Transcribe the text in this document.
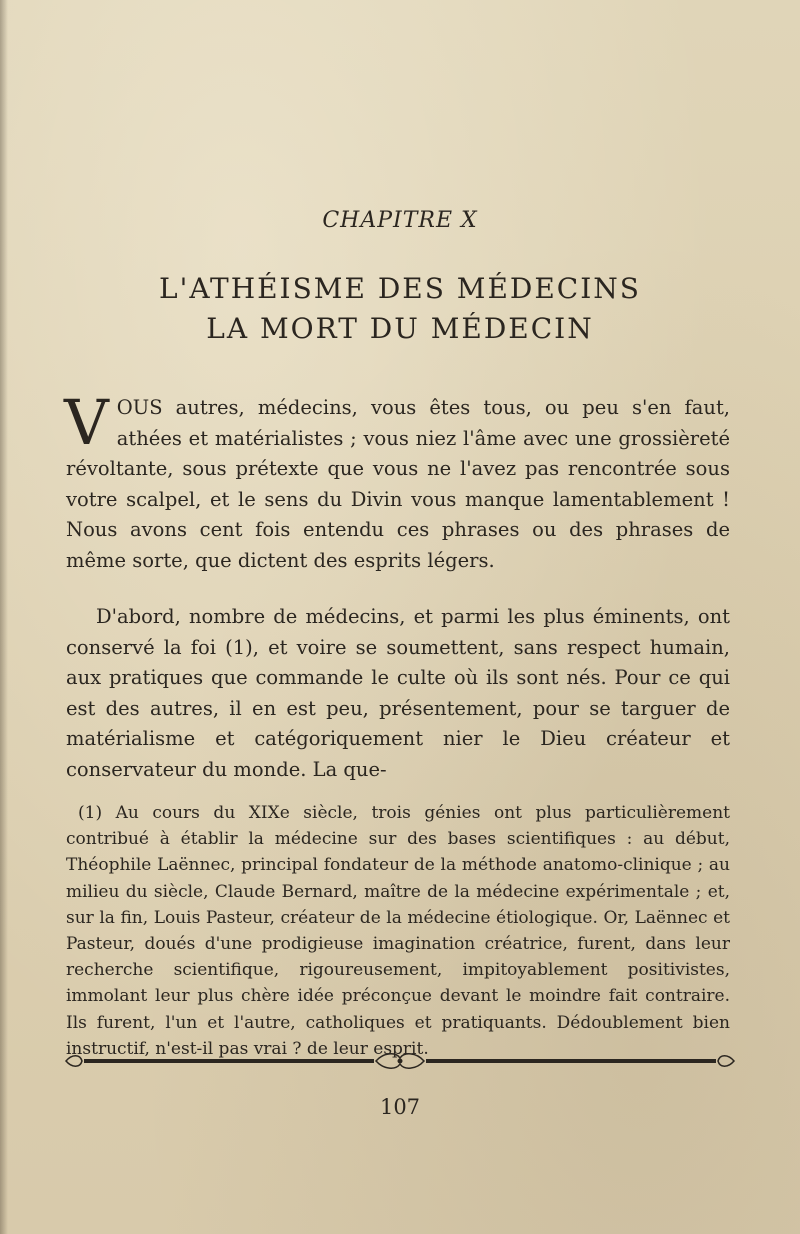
CHAPITRE X
L'ATHÉISME DES MÉDECINS
LA MORT DU MÉDECIN
VOUS autres, médecins, vous êtes tous, ou peu s'en faut, athées et matérialistes ; vous niez l'âme avec une grossièreté révoltante, sous prétexte que vous ne l'avez pas rencontrée sous votre scalpel, et le sens du Divin vous manque lamentablement ! Nous avons cent fois entendu ces phrases ou des phrases de même sorte, que dictent des esprits légers.
D'abord, nombre de médecins, et parmi les plus éminents, ont conservé la foi (1), et voire se soumettent, sans respect humain, aux pratiques que commande le culte où ils sont nés. Pour ce qui est des autres, il en est peu, présentement, pour se targuer de matérialisme et catégoriquement nier le Dieu créateur et conservateur du monde. La que-
(1) Au cours du XIXe siècle, trois génies ont plus particulièrement contribué à établir la médecine sur des bases scientifiques : au début, Théophile Laënnec, principal fondateur de la méthode anatomo-clinique ; au milieu du siècle, Claude Bernard, maître de la médecine expérimentale ; et, sur la fin, Louis Pasteur, créateur de la médecine étiologique. Or, Laënnec et Pasteur, doués d'une prodigieuse imagination créatrice, furent, dans leur recherche scientifique, rigoureusement, impitoyablement positivistes, immolant leur plus chère idée préconçue devant le moindre fait contraire. Ils furent, l'un et l'autre, catholiques et pratiquants. Dédoublement bien instructif, n'est-il pas vrai ? de leur esprit.
107
